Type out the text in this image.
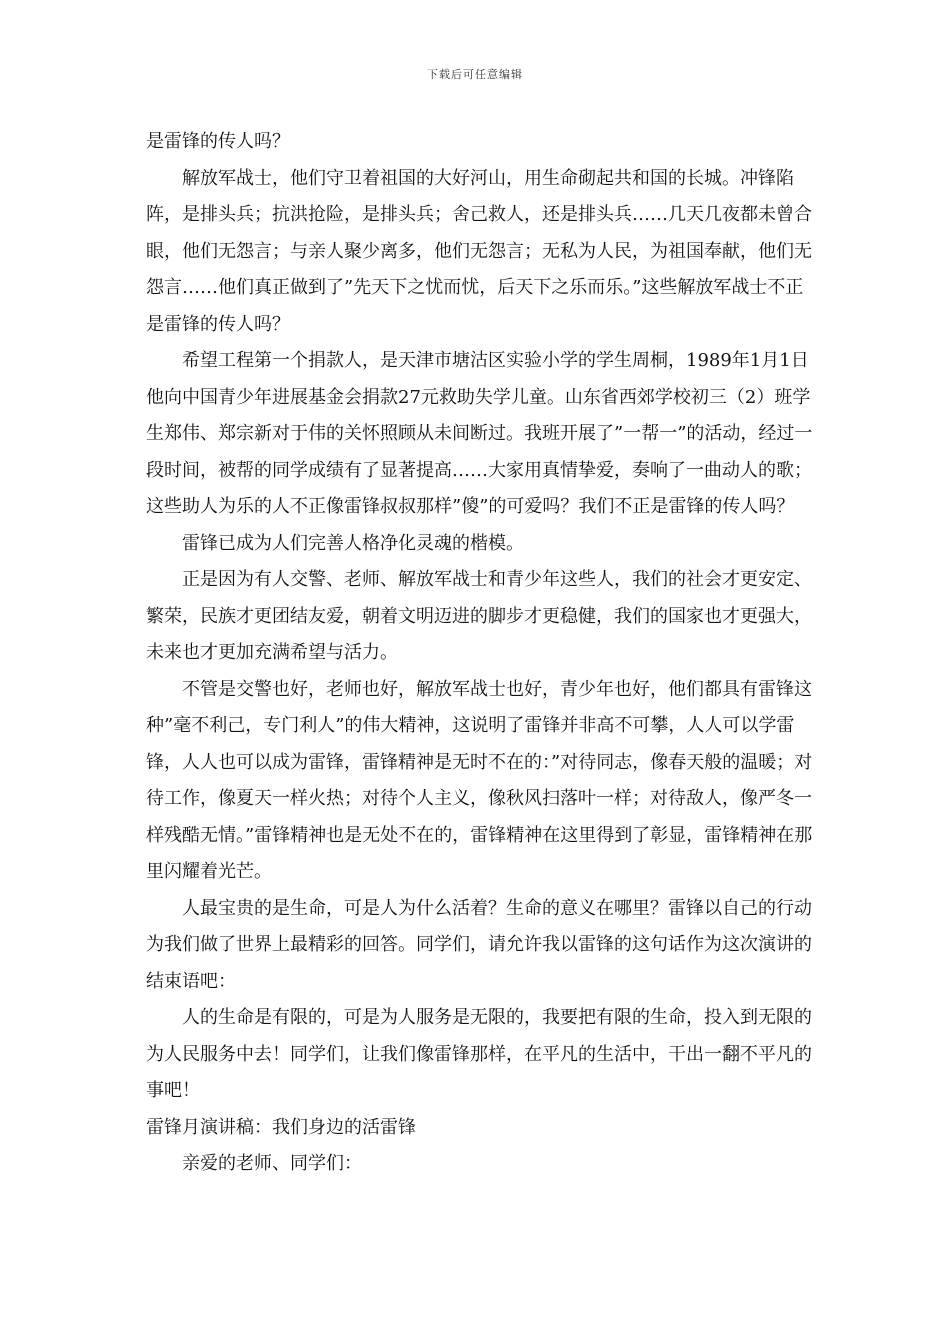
下载后可任意编辑

是雷锋的传人吗？

解放军战士，他们守卫着祖国的大好河山，用生命砌起共和国的长城。冲锋陷阵，是排头兵；抗洪抢险，是排头兵；舍己救人，还是排头兵……几天几夜都未曾合眼，他们无怨言；与亲人聚少离多，他们无怨言；无私为人民，为祖国奉献，他们无怨言……他们真正做到了”先天下之忧而忧，后天下之乐而乐。”这些解放军战士不正是雷锋的传人吗？

希望工程第一个捐款人，是天津市塘沽区实验小学的学生周桐，1989年1月1日他向中国青少年进展基金会捐款27元救助失学儿童。山东省西郊学校初三（2）班学生郑伟、郑宗新对于伟的关怀照顾从未间断过。我班开展了”一帮一”的活动，经过一段时间，被帮的同学成绩有了显著提高……大家用真情挚爱，奏响了一曲动人的歌；这些助人为乐的人不正像雷锋叔叔那样”傻”的可爱吗？我们不正是雷锋的传人吗？

雷锋已成为人们完善人格净化灵魂的楷模。

正是因为有人交警、老师、解放军战士和青少年这些人，我们的社会才更安定、繁荣，民族才更团结友爱，朝着文明迈进的脚步才更稳健，我们的国家也才更强大，未来也才更加充满希望与活力。

不管是交警也好，老师也好，解放军战士也好，青少年也好，他们都具有雷锋这种”毫不利己，专门利人”的伟大精神，这说明了雷锋并非高不可攀，人人可以学雷锋，人人也可以成为雷锋，雷锋精神是无时不在的：”对待同志，像春天般的温暖；对待工作，像夏天一样火热；对待个人主义，像秋风扫落叶一样；对待敌人，像严冬一样残酷无情。”雷锋精神也是无处不在的，雷锋精神在这里得到了彰显，雷锋精神在那里闪耀着光芒。

人最宝贵的是生命，可是人为什么活着？生命的意义在哪里？雷锋以自己的行动为我们做了世界上最精彩的回答。同学们，请允许我以雷锋的这句话作为这次演讲的结束语吧：

人的生命是有限的，可是为人服务是无限的，我要把有限的生命，投入到无限的为人民服务中去！同学们，让我们像雷锋那样，在平凡的生活中，干出一翻不平凡的事吧！

雷锋月演讲稿：我们身边的活雷锋

亲爱的老师、同学们：
